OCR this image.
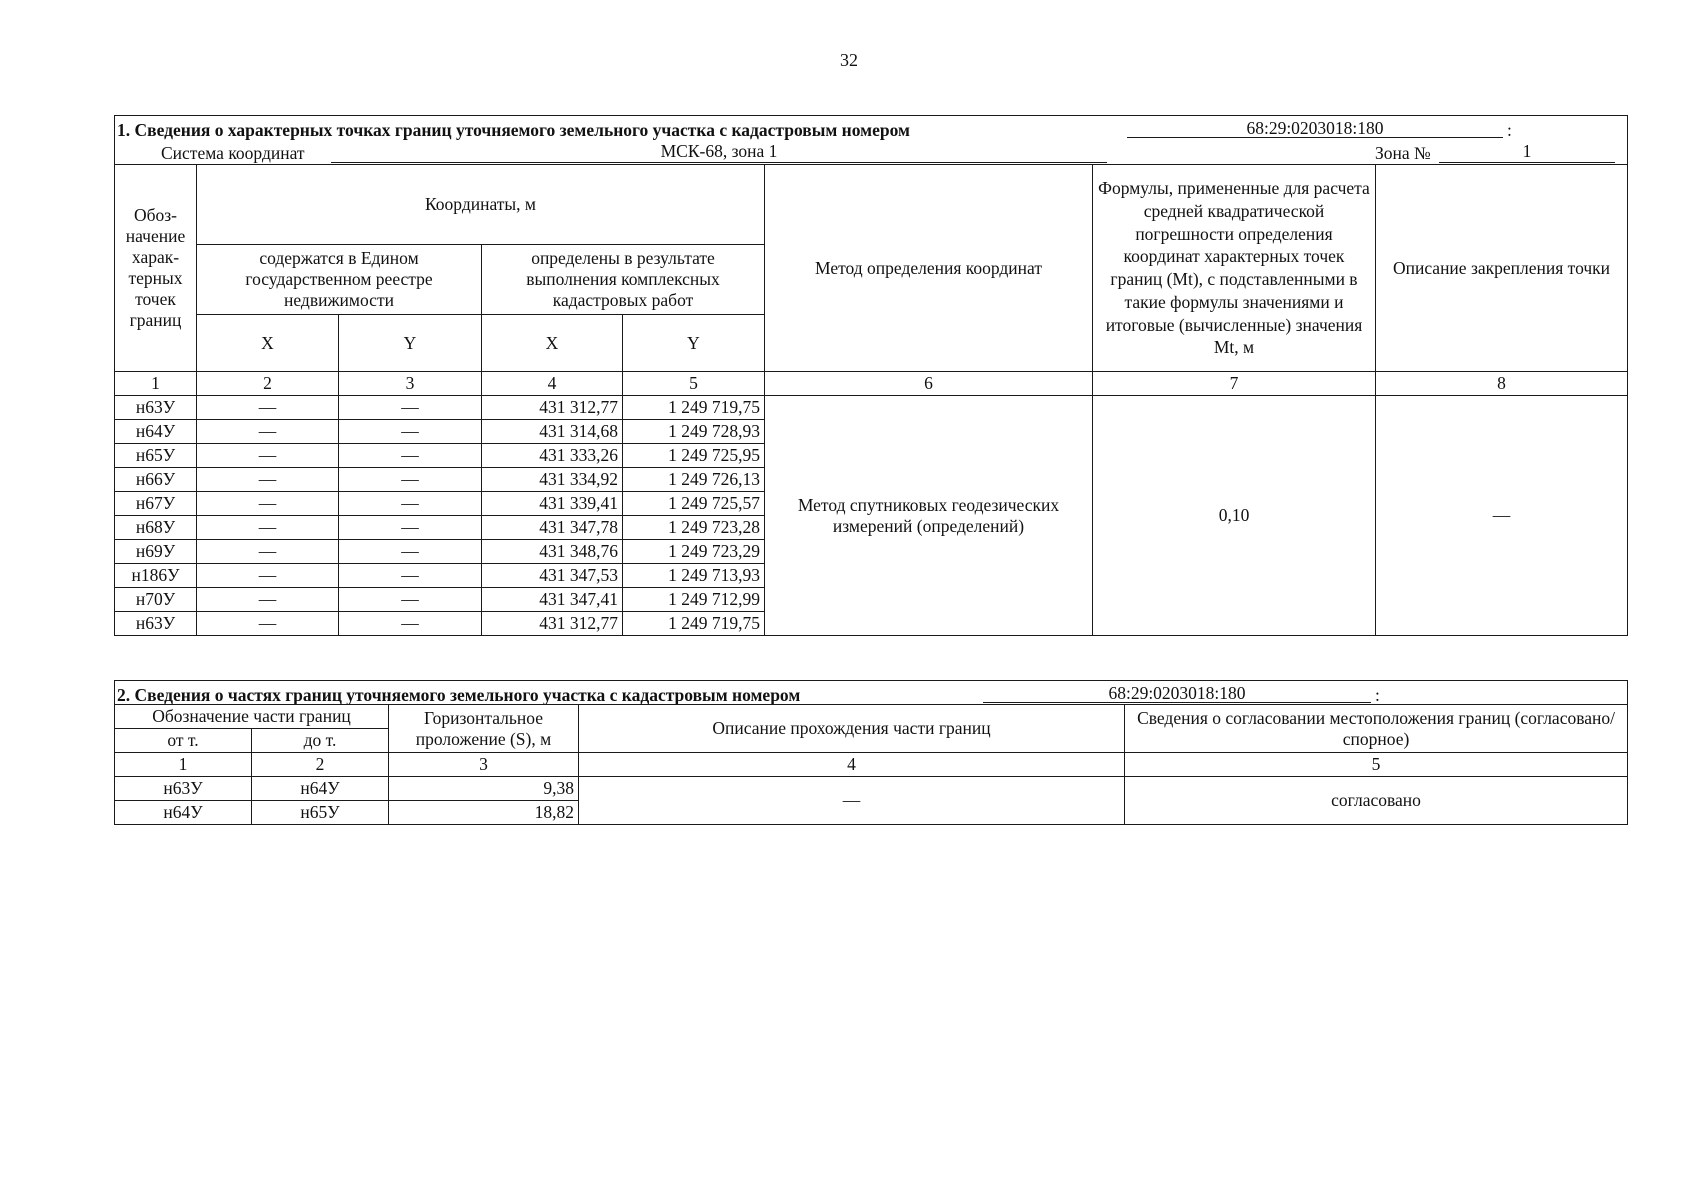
32
1. Сведения о характерных точках границ уточняемого земельного участка с кадастровым номером 68:29:0203018:180 :							

Система координат МСК-68, зона 1 Зона № 1							

Обоз-начение харак-терных точек границ	Координаты, м				Метод определения координат	Формулы, примененные для расчета средней квадратической погрешности определения координат характерных точек границ (Mt), с подставленными в такие формулы значениями и итоговые (вычисленные) значения Mt, м	Описание закрепления точки
	содержатся в Едином государственном реестре недвижимости		определены в результате выполнения комплексных кадастровых работ				
	X	Y	X	Y			
1	2	3	4	5	6	7	8
н63У	—	—	431 312,77	1 249 719,75	Метод спутниковых геодезических измерений (определений)	0,10	—
н64У	—	—	431 314,68	1 249 728,93			
н65У	—	—	431 333,26	1 249 725,95			
н66У	—	—	431 334,92	1 249 726,13			
н67У	—	—	431 339,41	1 249 725,57			
н68У	—	—	431 347,78	1 249 723,28			
н69У	—	—	431 348,76	1 249 723,29			
н186У	—	—	431 347,53	1 249 713,93			
н70У	—	—	431 347,41	1 249 712,99			
н63У	—	—	431 312,77	1 249 719,75			
2. Сведения о частях границ уточняемого земельного участка с кадастровым номером 68:29:0203018:180 :				

Обозначение части границ		Горизонтальное проложение (S), м	Описание прохождения части границ	Сведения о согласовании местоположения границ (согласовано/спорное)
от т.	до т.			
1	2	3	4	5
н63У	н64У	9,38	—	согласовано
н64У	н65У	18,82		
